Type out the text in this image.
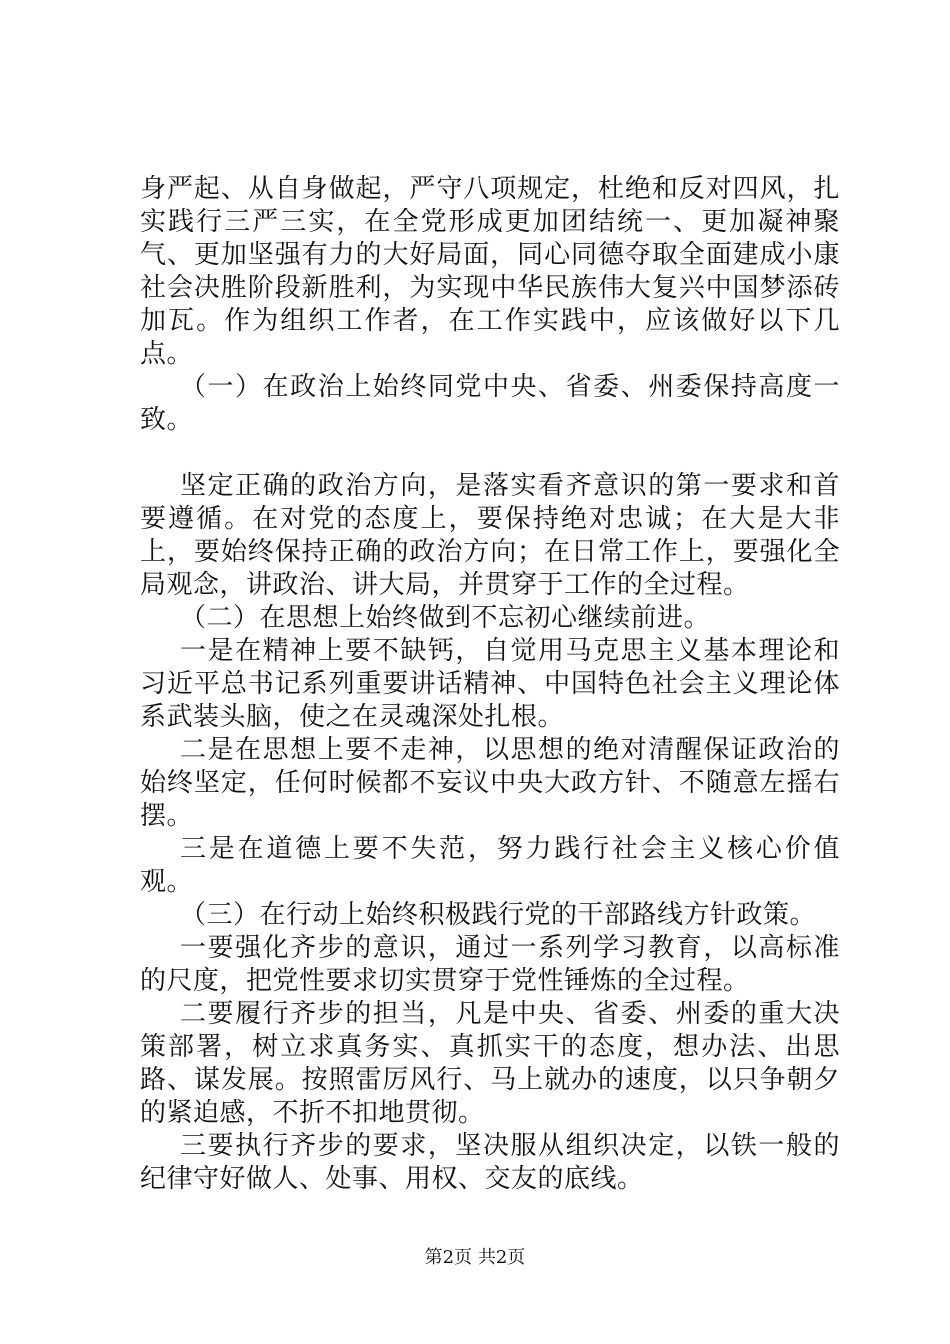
身严起、从自身做起，严守八项规定，杜绝和反对四风，扎实践行三严三实，在全党形成更加团结统一、更加凝神聚气、更加坚强有力的大好局面，同心同德夺取全面建成小康社会决胜阶段新胜利，为实现中华民族伟大复兴中国梦添砖加瓦。作为组织工作者，在工作实践中，应该做好以下几点。

（一）在政治上始终同党中央、省委、州委保持高度一致。

坚定正确的政治方向，是落实看齐意识的第一要求和首要遵循。在对党的态度上，要保持绝对忠诚；在大是大非上，要始终保持正确的政治方向；在日常工作上，要强化全局观念，讲政治、讲大局，并贯穿于工作的全过程。

（二）在思想上始终做到不忘初心继续前进。

一是在精神上要不缺钙，自觉用马克思主义基本理论和习近平总书记系列重要讲话精神、中国特色社会主义理论体系武装头脑，使之在灵魂深处扎根。

二是在思想上要不走神，以思想的绝对清醒保证政治的始终坚定，任何时候都不妄议中央大政方针、不随意左摇右摆。

三是在道德上要不失范，努力践行社会主义核心价值观。

（三）在行动上始终积极践行党的干部路线方针政策。

一要强化齐步的意识，通过一系列学习教育，以高标准的尺度，把党性要求切实贯穿于党性锤炼的全过程。

二要履行齐步的担当，凡是中央、省委、州委的重大决策部署，树立求真务实、真抓实干的态度，想办法、出思路、谋发展。按照雷厉风行、马上就办的速度，以只争朝夕的紧迫感，不折不扣地贯彻。

三要执行齐步的要求，坚决服从组织决定，以铁一般的纪律守好做人、处事、用权、交友的底线。

第2页 共2页
